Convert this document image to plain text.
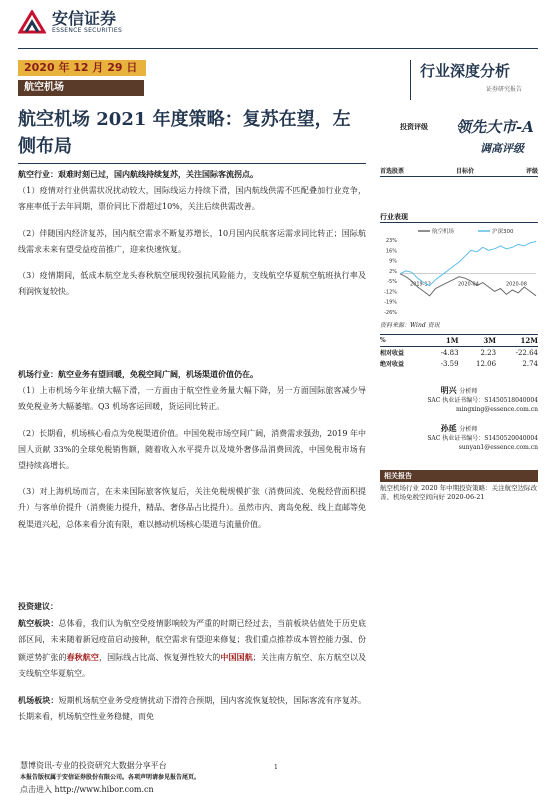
安信证券
ESSENCE SECURITIES
2020 年 12 月 29 日
航空机场
行业深度分析
证券研究报告
航空机场 2021 年度策略：复苏在望，左侧布局
投资评级 领先大市-A
调高评级
首选股票	目标价	评级
航空行业：艰难时刻已过，国内航线持续复苏，关注国际客流拐点。
（1）疫情对行业供需状况扰动较大，国际线运力持续下滑，国内航线供需不匹配叠加行业竞争，客座率低于去年同期，票价同比下滑超过10%，关注后续供需改善。
（2）伴随国内经济复苏，国内航空需求不断复苏增长，10月国内民航客运需求同比转正；国际航线需求未来有望受益疫苗推广，迎来快速恢复。
（3）疫情期间，低成本航空龙头春秋航空展现较强抗风险能力，支线航空华夏航空航班执行率及利润恢复较快。
机场行业：航空业务有望回暖，免税空间广阔，机场渠道价值仍在。
（1）上市机场今年业绩大幅下滑，一方面由于航空性业务量大幅下降，另一方面国际旅客减少导致免税业务大幅萎缩。Q3 机场客运回暖，货运同比转正。
（2）长期看，机场核心看点为免税渠道价值。中国免税市场空间广阔，消费需求强劲，2019 年中国人贡献 33%的全球免税销售额，随着收入水平提升以及境外奢侈品消费回流，中国免税市场有望持续高增长。
（3）对上海机场而言，在未来国际旅客恢复后，关注免税规模扩张（消费回流、免税经营面积提升）与客单价提升（消费能力提升，精品、奢侈品占比提升）。虽然市内、离岛免税、线上直邮等免税渠道兴起，总体来看分流有限，难以撼动机场核心渠道与流量价值。
投资建议：
航空板块：总体看，我们认为航空受疫情影响较为严重的时期已经过去，当前板块估值处于历史底部区间，未来随着新冠疫苗启动接种，航空需求有望迎来修复；我们重点推荐成本管控能力强、份额逆势扩张的春秋航空，国际线占比高、恢复弹性较大的中国国航；关注南方航空、东方航空以及支线航空华夏航空。
机场板块：短期机场航空业务受疫情扰动下滑符合预期，国内客流恢复较快，国际客流有序复苏。长期来看，机场航空性业务稳健，而免
行业表现
航空机场	沪深300
23%
16%
9%
2%
-5%
-12%
-19%
-26%
2019-12	2020-04	2020-08
资料来源：Wind 资讯
%	1M	3M	12M
相对收益	-4.83	2.23	-22.64
绝对收益	-3.59	12.06	2.74
明兴 分析师
SAC 执业证书编号：S1450518040004
mingxing@essence.com.cn
孙延 分析师
SAC 执业证书编号：S1450520040004
sunyan1@essence.com.cn
相关报告
航空机场行业 2020 年中期投资策略：关注航空边际改善、机场免税空间向好 2020-06-21
慧博资讯-专业的投资研究大数据分享平台
本报告版权属于安信证券股份有限公司。各项声明请参见报告尾页。
1
点击进入 http://www.hibor.com.cn
